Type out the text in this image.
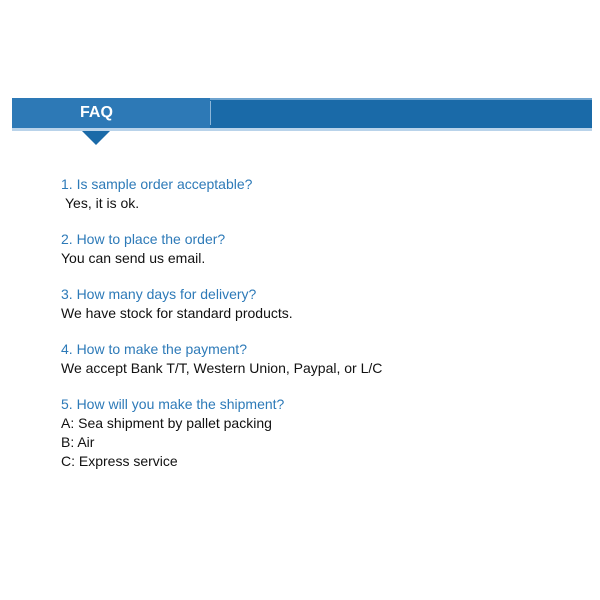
FAQ
1. Is sample order acceptable?
Yes, it is ok.
2. How to place the order?
You can send us email.
3. How many days for delivery?
We have stock for standard products.
4. How to make the payment?
We accept Bank T/T, Western Union, Paypal, or L/C
5. How will you make the shipment?
A: Sea shipment by pallet packing
B: Air
C: Express service
